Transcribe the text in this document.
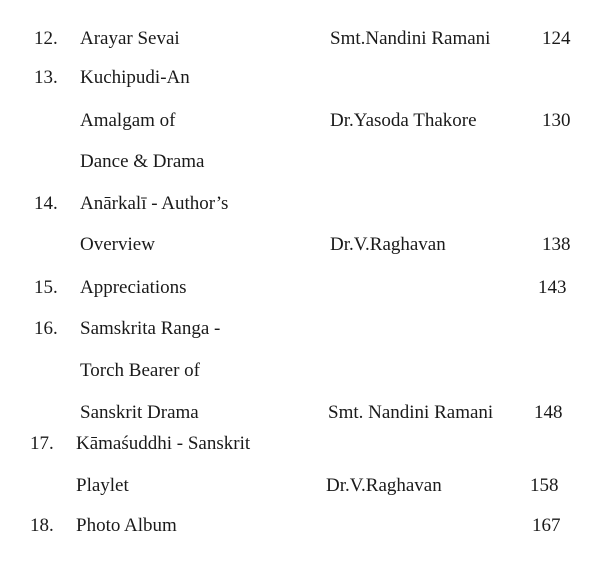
12. Arayar Sevai	Smt.Nandini Ramani	124
13. Kuchipudi-An
Amalgam of	Dr.Yasoda Thakore	130
Dance & Drama
14. Anārkalī - Author’s
Overview	Dr.V.Raghavan	138
15. Appreciations	143
16. Samskrita Ranga -
Torch Bearer of
Sanskrit Drama	Smt. Nandini Ramani 148
17. Kāmaśuddhi - Sanskrit
Playlet	Dr.V.Raghavan	158
18. Photo Album	167
